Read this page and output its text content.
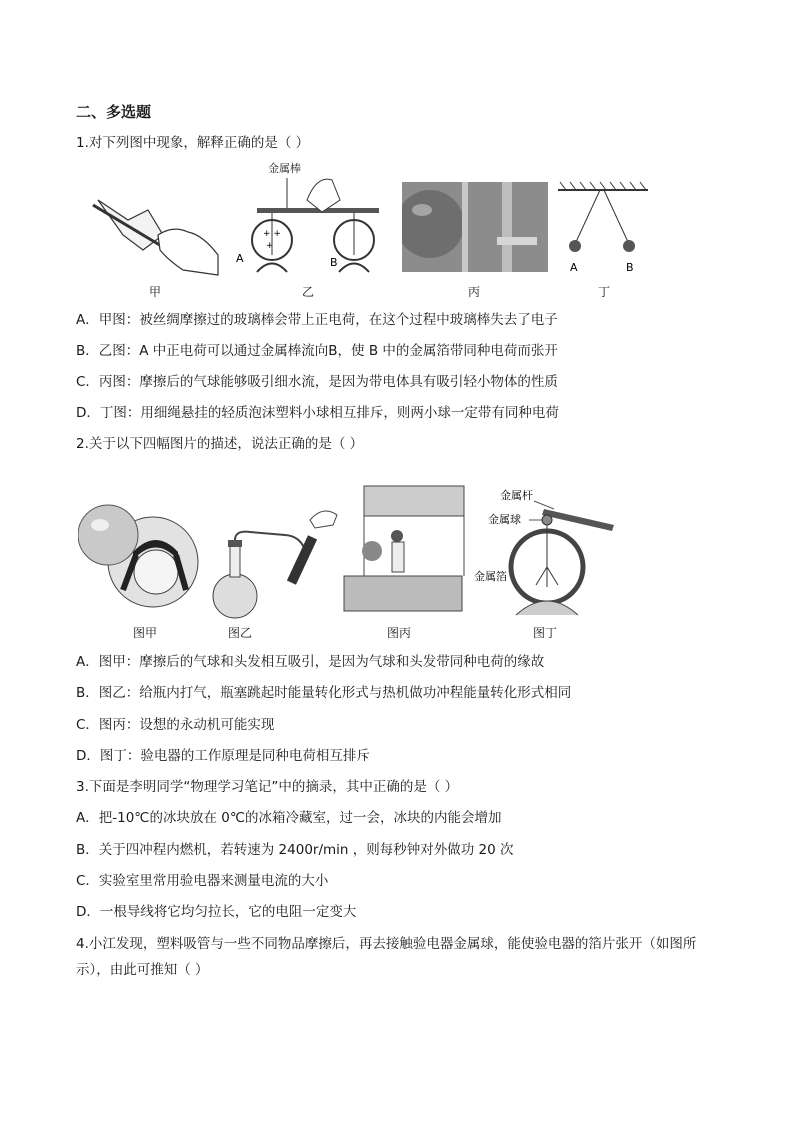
二、多选题
1.对下列图中现象，解释正确的是（ ）
甲
金属棒
+ +
+
A	B
乙	丙
A	B
丁
A．甲图：被丝绸摩擦过的玻璃棒会带上正电荷，在这个过程中玻璃棒失去了电子
B．乙图：A 中正电荷可以通过金属棒流向B，使 B 中的金属箔带同种电荷而张开
C．丙图：摩擦后的气球能够吸引细水流，是因为带电体具有吸引轻小物体的性质
D．丁图：用细绳悬挂的轻质泡沫塑料小球相互排斥，则两小球一定带有同种电荷
2.关于以下四幅图片的描述，说法正确的是（ ）
图甲	图乙	图丙
金属杆
金属球
金属箔
图丁
A．图甲：摩擦后的气球和头发相互吸引，是因为气球和头发带同种电荷的缘故
B．图乙：给瓶内打气，瓶塞跳起时能量转化形式与热机做功冲程能量转化形式相同
C．图丙：设想的永动机可能实现
D．图丁：验电器的工作原理是同种电荷相互排斥
3.下面是李明同学“物理学习笔记”中的摘录，其中正确的是（ ）
A．把-10℃的冰块放在 0℃的冰箱冷藏室，过一会，冰块的内能会增加
B．关于四冲程内燃机，若转速为 2400r/min ，则每秒钟对外做功 20 次
C．实验室里常用验电器来测量电流的大小
D．一根导线将它均匀拉长，它的电阻一定变大
4.小江发现，塑料吸管与一些不同物品摩擦后，再去接触验电器金属球，能使验电器的箔片张开（如图所示），由此可推知（ ）
